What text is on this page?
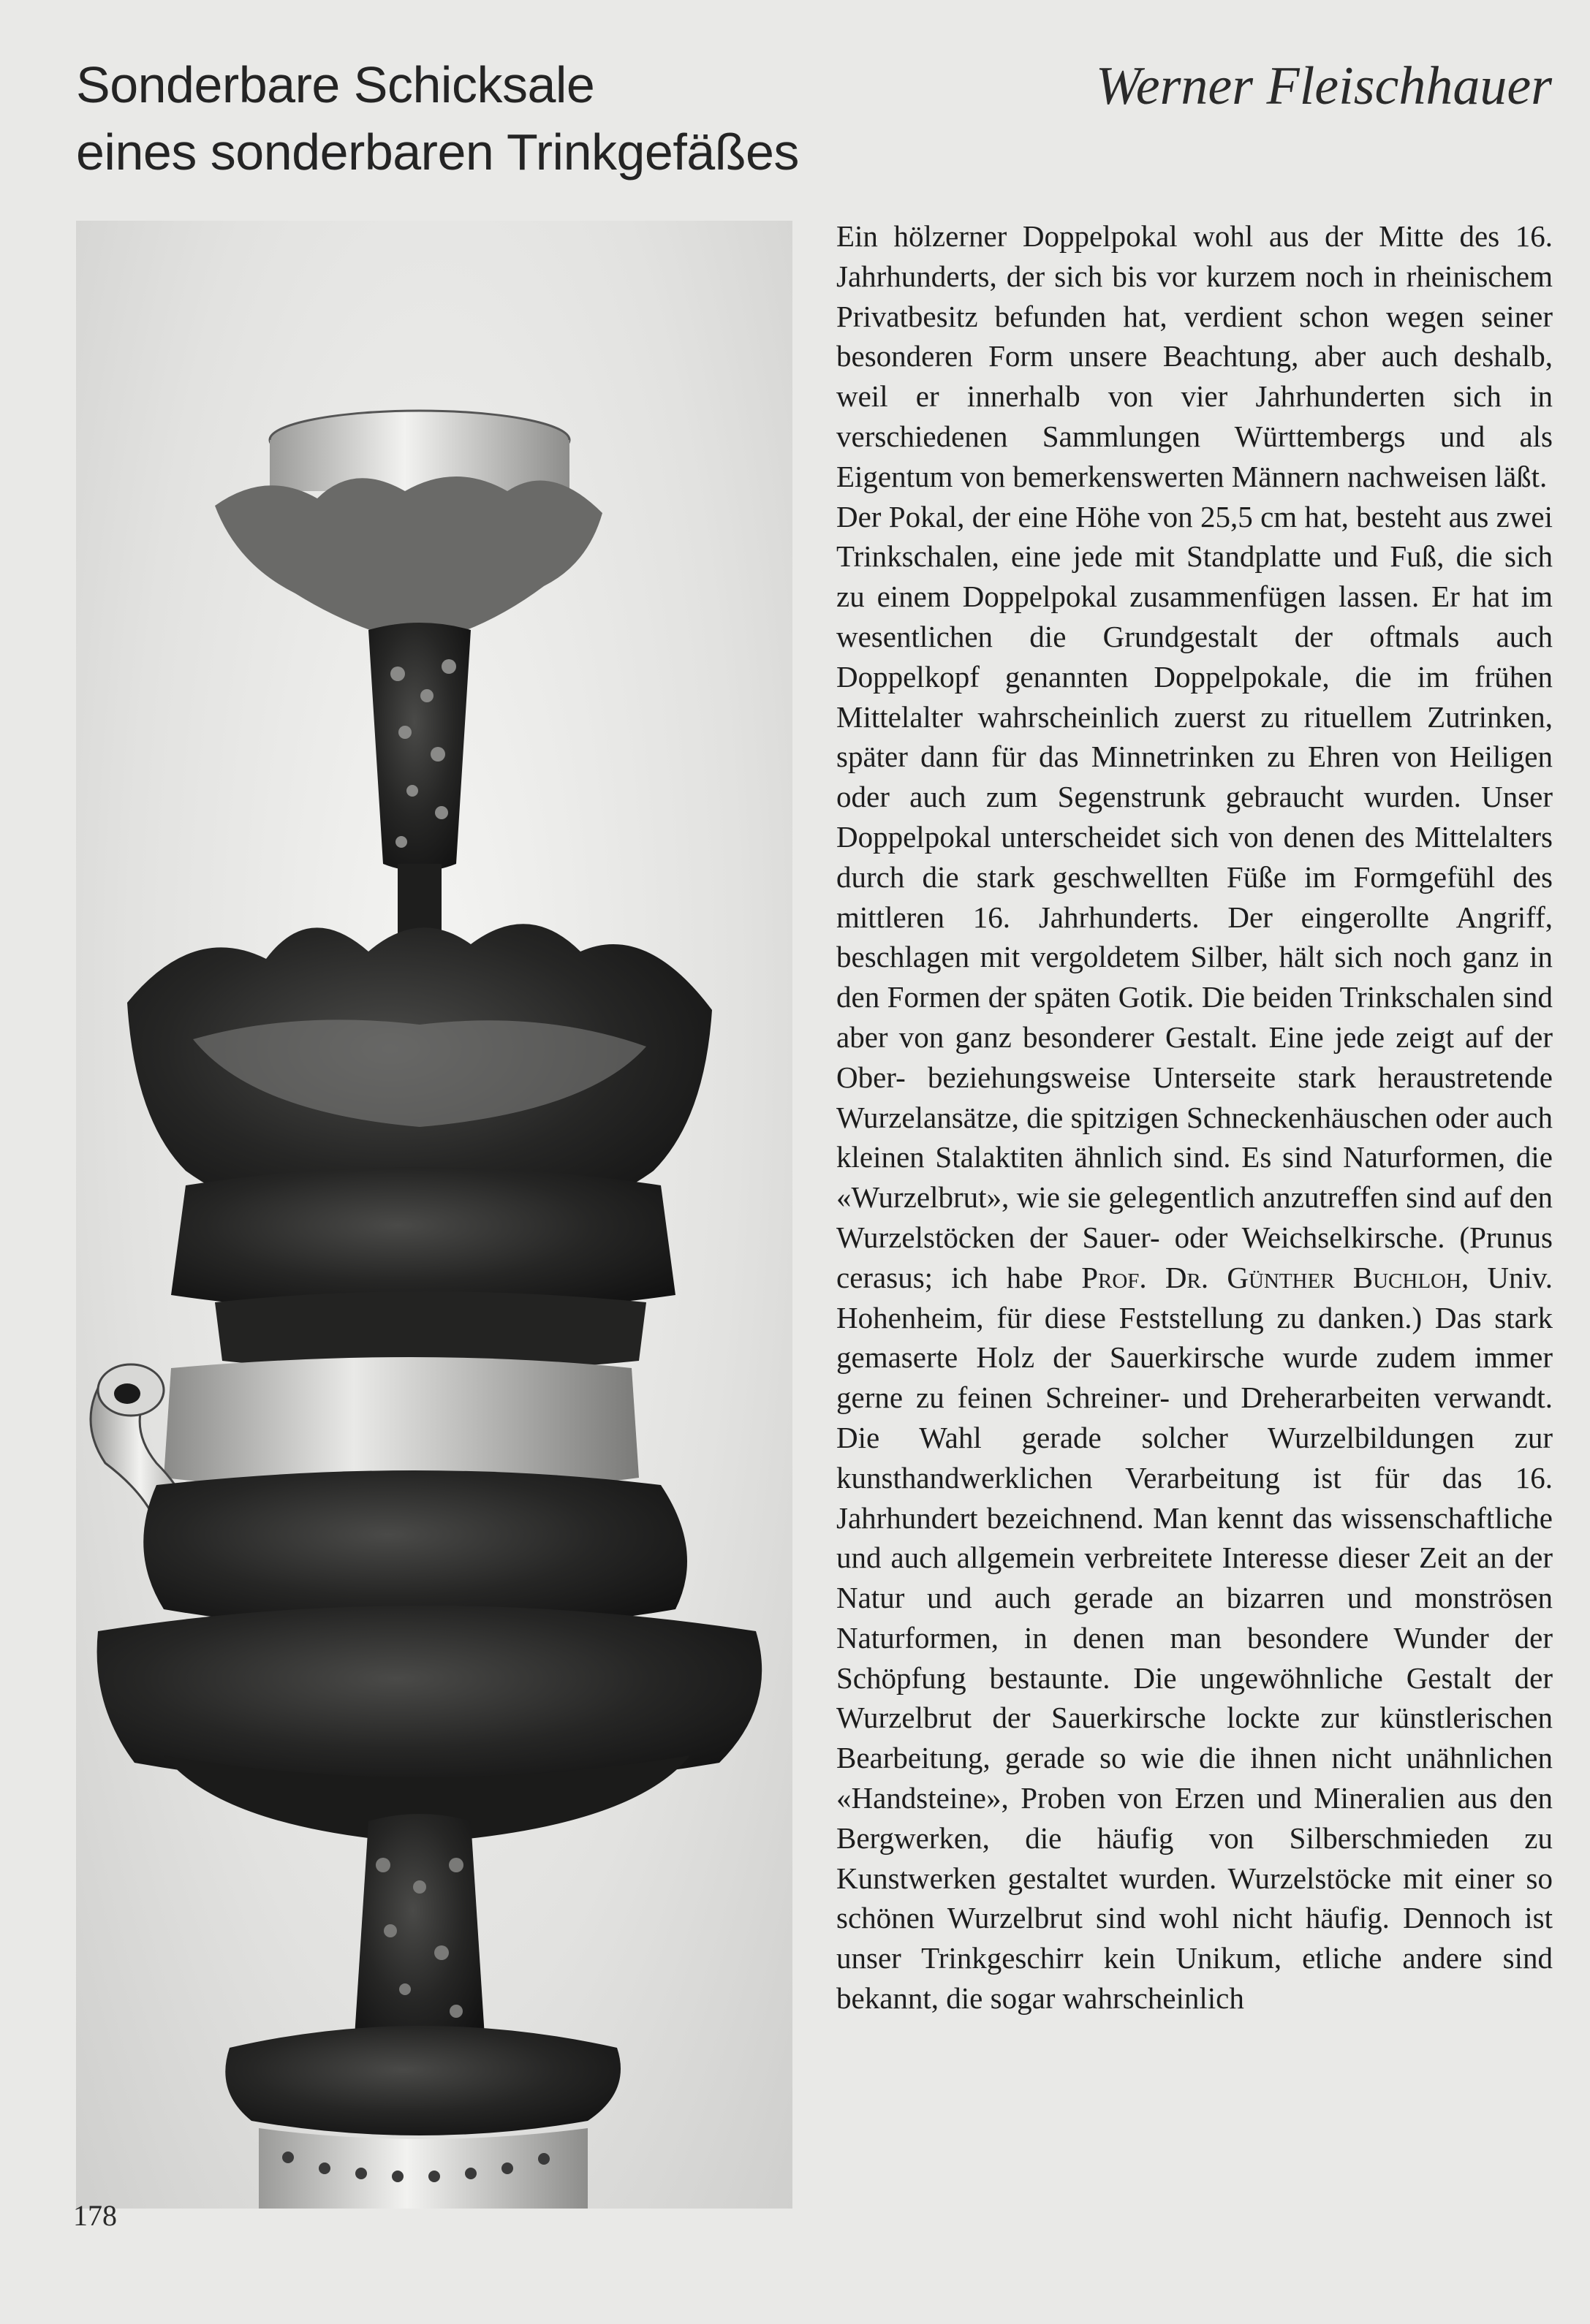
Sonderbare Schicksale
eines sonderbaren Trinkgefäßes
Werner Fleischhauer

Ein hölzerner Doppelpokal wohl aus der Mitte des 16. Jahrhunderts, der sich bis vor kurzem noch in rheinischem Privatbesitz befunden hat, verdient schon wegen seiner besonderen Form unsere Beachtung, aber auch deshalb, weil er innerhalb von vier Jahrhunderten sich in verschiedenen Sammlungen Württembergs und als Eigentum von bemerkenswerten Männern nachweisen läßt.

Der Pokal, der eine Höhe von 25,5 cm hat, besteht aus zwei Trinkschalen, eine jede mit Standplatte und Fuß, die sich zu einem Doppelpokal zusammenfügen lassen. Er hat im wesentlichen die Grundgestalt der oftmals auch Doppelkopf genannten Doppelpokale, die im frühen Mittelalter wahrscheinlich zuerst zu rituellem Zutrinken, später dann für das Minnetrinken zu Ehren von Heiligen oder auch zum Segenstrunk gebraucht wurden. Unser Doppelpokal unterscheidet sich von denen des Mittelalters durch die stark geschwellten Füße im Formgefühl des mittleren 16. Jahrhunderts. Der eingerollte Angriff, beschlagen mit vergoldetem Silber, hält sich noch ganz in den Formen der späten Gotik. Die beiden Trinkschalen sind aber von ganz besonderer Gestalt. Eine jede zeigt auf der Ober- beziehungsweise Unterseite stark heraustretende Wurzelansätze, die spitzigen Schneckenhäuschen oder auch kleinen Stalaktiten ähnlich sind. Es sind Naturformen, die «Wurzelbrut», wie sie gelegentlich anzutreffen sind auf den Wurzelstöcken der Sauer- oder Weichselkirsche. (Prunus cerasus; ich habe Prof. Dr. Günther Buchloh, Univ. Hohenheim, für diese Feststellung zu danken.) Das stark gemaserte Holz der Sauerkirsche wurde zudem immer gerne zu feinen Schreiner- und Dreherarbeiten verwandt. Die Wahl gerade solcher Wurzelbildungen zur kunsthandwerklichen Verarbeitung ist für das 16. Jahrhundert bezeichnend. Man kennt das wissenschaftliche und auch allgemein verbreitete Interesse dieser Zeit an der Natur und auch gerade an bizarren und monströsen Naturformen, in denen man besondere Wunder der Schöpfung bestaunte. Die ungewöhnliche Gestalt der Wurzelbrut der Sauerkirsche lockte zur künstlerischen Bearbeitung, gerade so wie die ihnen nicht unähnlichen «Handsteine», Proben von Erzen und Mineralien aus den Bergwerken, die häufig von Silberschmieden zu Kunstwerken gestaltet wurden. Wurzelstöcke mit einer so schönen Wurzelbrut sind wohl nicht häufig. Dennoch ist unser Trinkgeschirr kein Unikum, etliche andere sind bekannt, die sogar wahrscheinlich

178
